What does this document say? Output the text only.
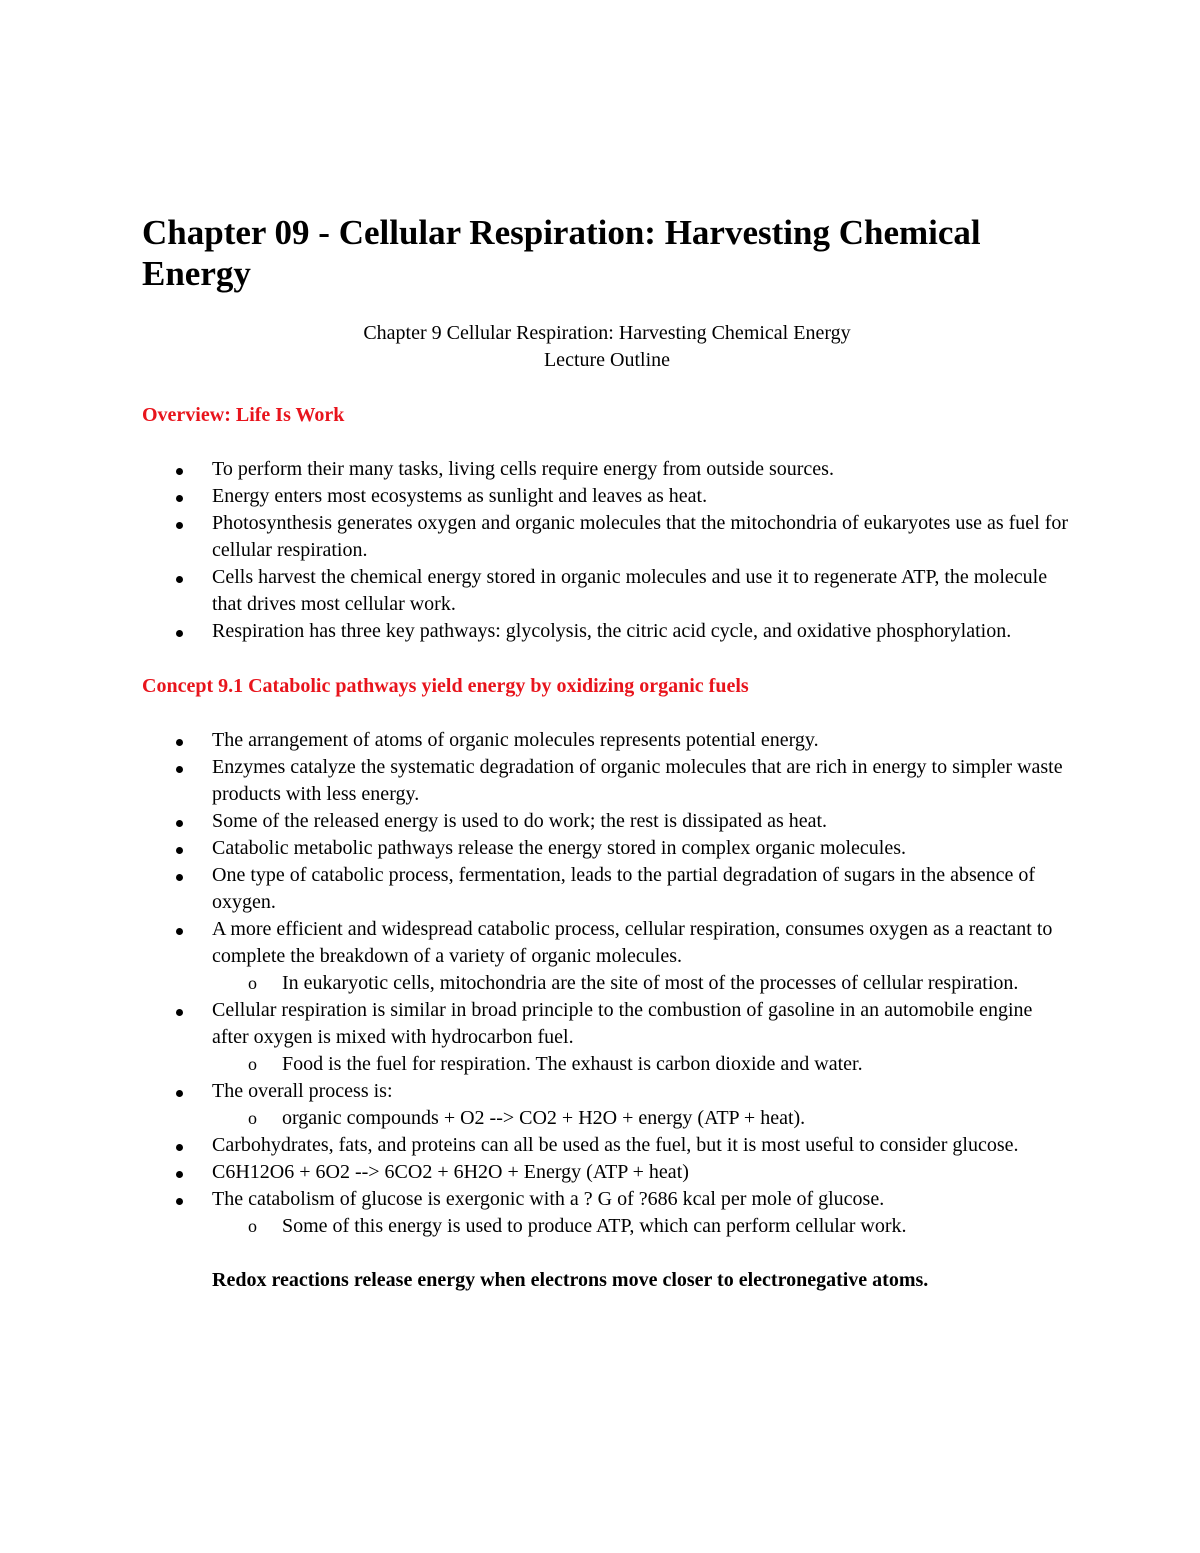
Chapter 09 - Cellular Respiration: Harvesting Chemical Energy
Chapter 9 Cellular Respiration: Harvesting Chemical Energy
Lecture Outline
Overview: Life Is Work
To perform their many tasks, living cells require energy from outside sources.
Energy enters most ecosystems as sunlight and leaves as heat.
Photosynthesis generates oxygen and organic molecules that the mitochondria of eukaryotes use as fuel for cellular respiration.
Cells harvest the chemical energy stored in organic molecules and use it to regenerate ATP, the molecule that drives most cellular work.
Respiration has three key pathways: glycolysis, the citric acid cycle, and oxidative phosphorylation.
Concept 9.1 Catabolic pathways yield energy by oxidizing organic fuels
The arrangement of atoms of organic molecules represents potential energy.
Enzymes catalyze the systematic degradation of organic molecules that are rich in energy to simpler waste products with less energy.
Some of the released energy is used to do work; the rest is dissipated as heat.
Catabolic metabolic pathways release the energy stored in complex organic molecules.
One type of catabolic process, fermentation, leads to the partial degradation of sugars in the absence of oxygen.
A more efficient and widespread catabolic process, cellular respiration, consumes oxygen as a reactant to complete the breakdown of a variety of organic molecules.
o In eukaryotic cells, mitochondria are the site of most of the processes of cellular respiration.
Cellular respiration is similar in broad principle to the combustion of gasoline in an automobile engine after oxygen is mixed with hydrocarbon fuel.
o Food is the fuel for respiration. The exhaust is carbon dioxide and water.
The overall process is:
o organic compounds + O2 --> CO2 + H2O + energy (ATP + heat).
Carbohydrates, fats, and proteins can all be used as the fuel, but it is most useful to consider glucose.
C6H12O6 + 6O2 --> 6CO2 + 6H2O + Energy (ATP + heat)
The catabolism of glucose is exergonic with a ? G of ?686 kcal per mole of glucose.
o Some of this energy is used to produce ATP, which can perform cellular work.
Redox reactions release energy when electrons move closer to electronegative atoms.
